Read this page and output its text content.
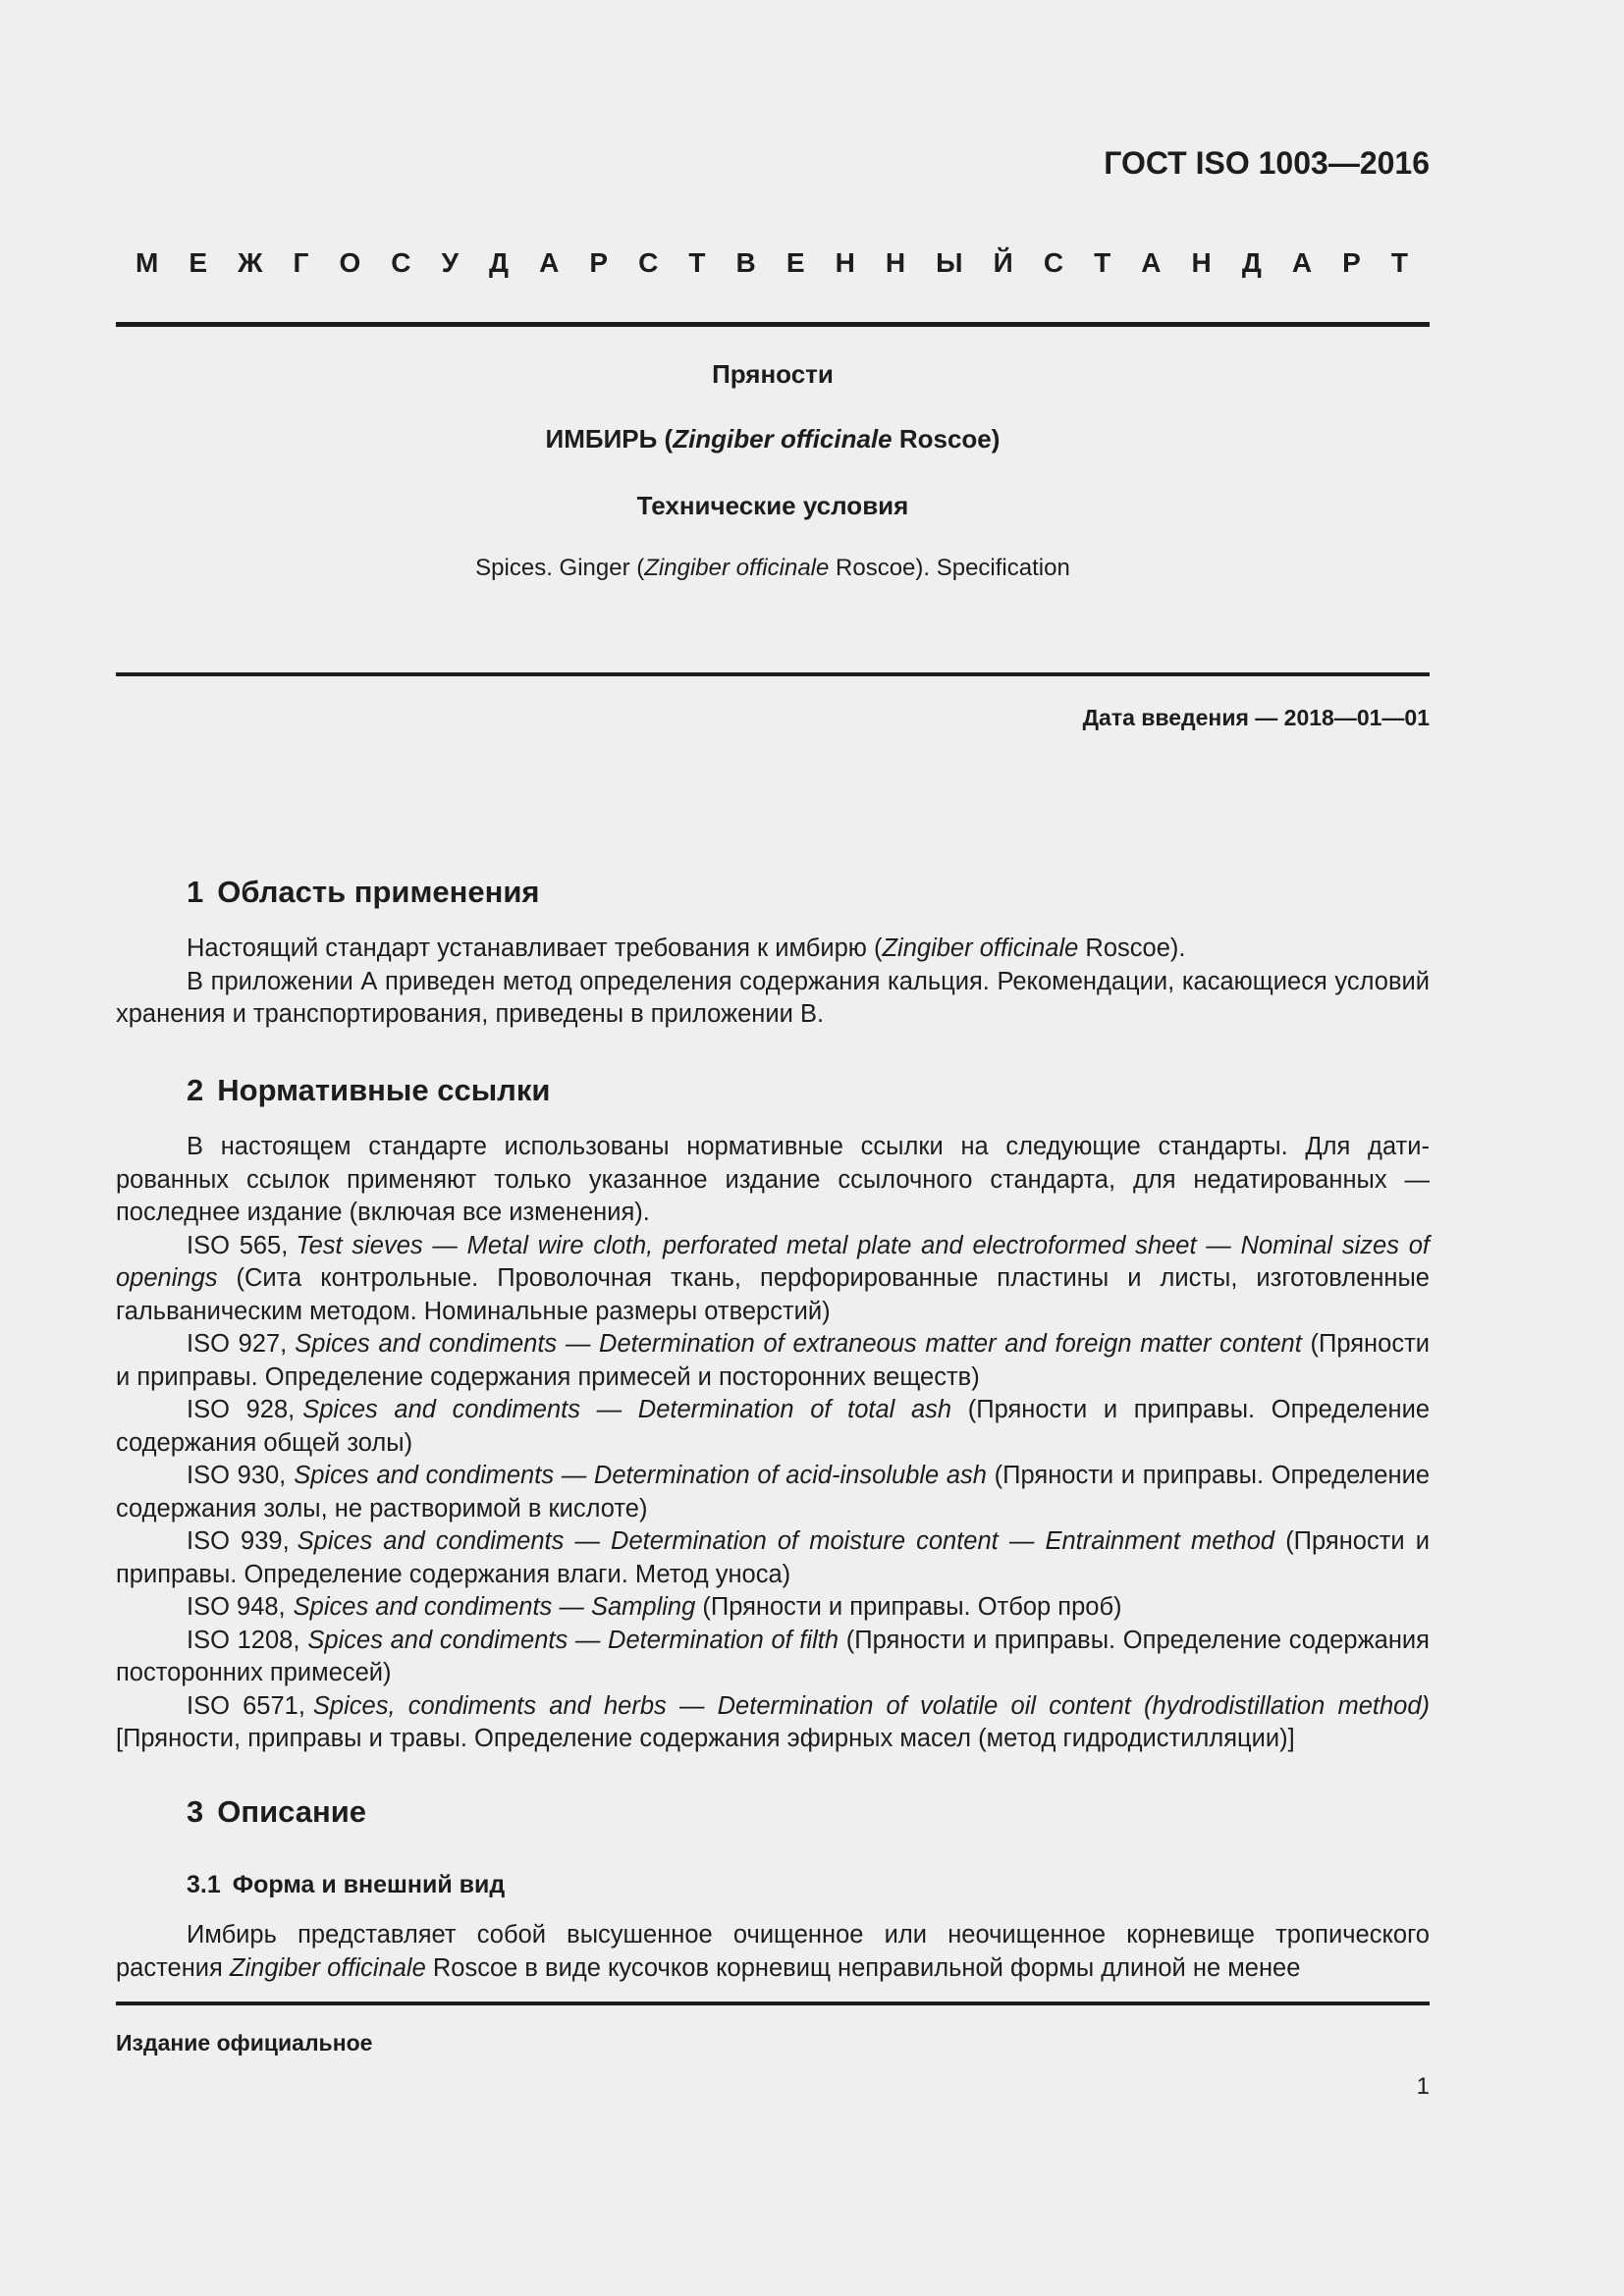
ГОСТ ISO 1003—2016
М Е Ж Г О С У Д А Р С Т В Е Н Н Ы Й С Т А Н Д А Р Т
Пряности
ИМБИРЬ (Zingiber officinale Roscoe)
Технические условия
Spices. Ginger (Zingiber officinale Roscoe). Specification
Дата введения — 2018—01—01
1 Область применения

Настоящий стандарт устанавливает требования к имбирю (Zingiber officinale Roscoe).

В приложении А приведен метод определения содержания кальция. Рекомендации, касающиеся условий хранения и транспортирования, приведены в приложении В.

2 Нормативные ссылки

В настоящем стандарте использованы нормативные ссылки на следующие стандарты. Для датированных ссылок применяют только указанное издание ссылочного стандарта, для недатированных — последнее издание (включая все изменения).

ISO 565, Test sieves — Metal wire cloth, perforated metal plate and electroformed sheet — Nominal sizes of openings (Сита контрольные. Проволочная ткань, перфорированные пластины и листы, изготовленные гальваническим методом. Номинальные размеры отверстий)

ISO 927, Spices and condiments — Determination of extraneous matter and foreign matter content (Пряности и приправы. Определение содержания примесей и посторонних веществ)

ISO 928, Spices and condiments — Determination of total ash (Пряности и приправы. Определение содержания общей золы)

ISO 930, Spices and condiments — Determination of acid-insoluble ash (Пряности и приправы. Определение содержания золы, не растворимой в кислоте)

ISO 939, Spices and condiments — Determination of moisture content — Entrainment method (Пряности и приправы. Определение содержания влаги. Метод уноса)

ISO 948, Spices and condiments — Sampling (Пряности и приправы. Отбор проб)

ISO 1208, Spices and condiments — Determination of filth (Пряности и приправы. Определение содержания посторонних примесей)

ISO 6571, Spices, condiments and herbs — Determination of volatile oil content (hydrodistillation method) [Пряности, приправы и травы. Определение содержания эфирных масел (метод гидродистилляции)]

3 Описание
3.1 Форма и внешний вид

Имбирь представляет собой высушенное очищенное или неочищенное корневище тропического растения Zingiber officinale Roscoe в виде кусочков корневищ неправильной формы длиной не менее

Издание официальное
1
